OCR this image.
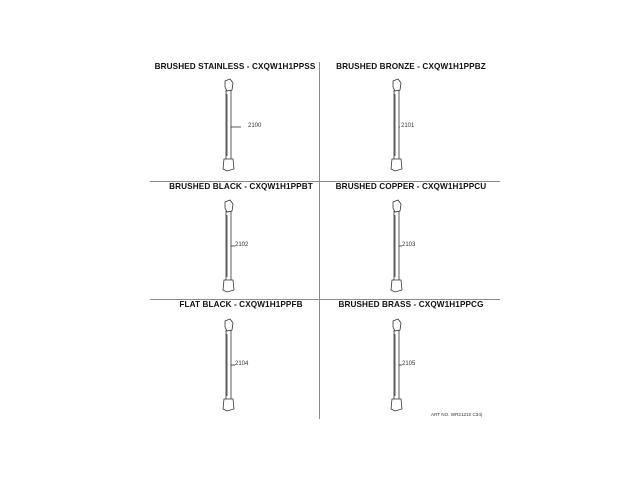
BRUSHED STAINLESS - CXQW1H1PPSS
2100
BRUSHED BRONZE - CXQW1H1PPBZ
2101
BRUSHED BLACK - CXQW1H1PPBT
2102
BRUSHED COPPER - CXQW1H1PPCU
2103
FLAT BLACK - CXQW1H1PPFB
2104
BRUSHED BRASS - CXQW1H1PPCG
2105
ART NO. WR21210 C34)
